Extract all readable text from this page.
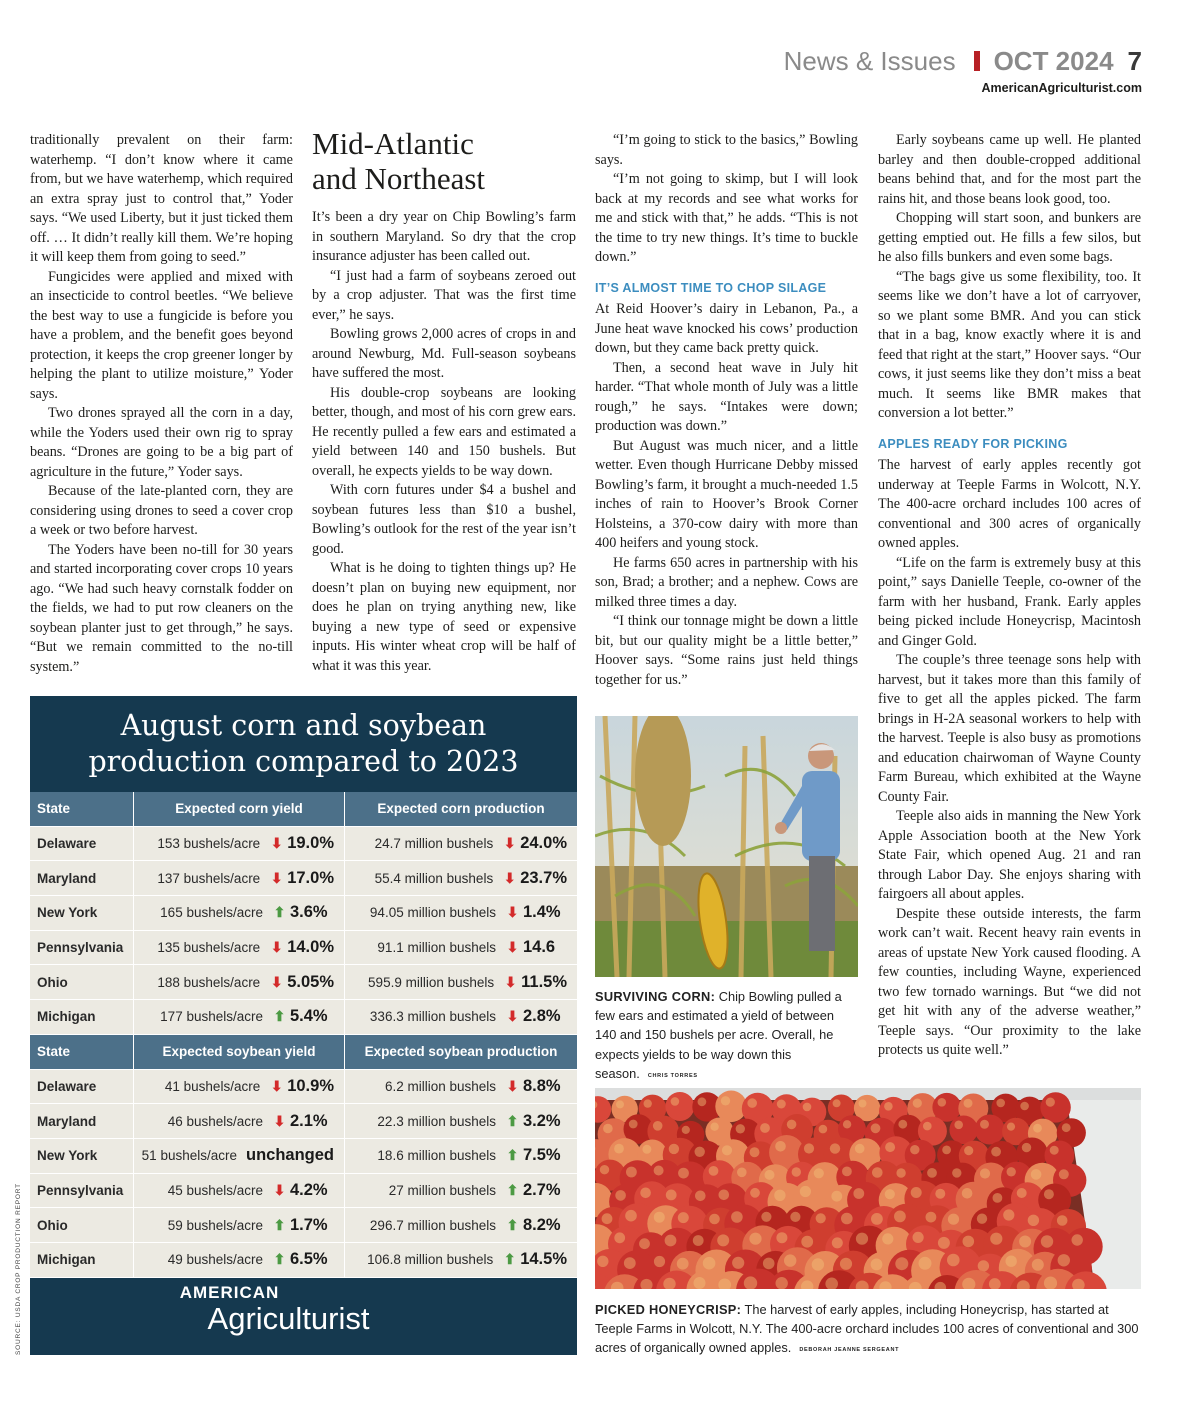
News & Issues OCT 2024 7
AmericanAgriculturist.com

traditionally prevalent on their farm: waterhemp. “I don’t know where it came from, but we have waterhemp, which required an extra spray just to control that,” Yoder says. “We used Liberty, but it just ticked them off. … It didn’t really kill them. We’re hoping it will keep them from going to seed.”

Fungicides were applied and mixed with an insecticide to control beetles. “We believe the best way to use a fungicide is before you have a problem, and the benefit goes beyond protection, it keeps the crop greener longer by helping the plant to utilize moisture,” Yoder says.

Two drones sprayed all the corn in a day, while the Yoders used their own rig to spray beans. “Drones are going to be a big part of agriculture in the future,” Yoder says.

Because of the late-planted corn, they are considering using drones to seed a cover crop a week or two before harvest.

The Yoders have been no-till for 30 years and started incorporating cover crops 10 years ago. “We had such heavy cornstalk fodder on the fields, we had to put row cleaners on the soybean planter just to get through,” he says. “But we remain committed to the no-till system.”

Mid-Atlantic
and Northeast

It’s been a dry year on Chip Bowling’s farm in southern Maryland. So dry that the crop insurance adjuster has been called out.

“I just had a farm of soybeans zeroed out by a crop adjuster. That was the first time ever,” he says.

Bowling grows 2,000 acres of crops in and around Newburg, Md. Full-season soybeans have suffered the most.

His double-crop soybeans are looking better, though, and most of his corn grew ears. He recently pulled a few ears and estimated a yield between 140 and 150 bushels. But overall, he expects yields to be way down.

With corn futures under $4 a bushel and soybean futures less than $10 a bushel, Bowling’s outlook for the rest of the year isn’t good.

What is he doing to tighten things up? He doesn’t plan on buying new equipment, nor does he plan on trying anything new, like buying a new type of seed or expensive inputs. His winter wheat crop will be half of what it was this year.

“I’m going to stick to the basics,” Bowling says.

“I’m not going to skimp, but I will look back at my records and see what works for me and stick with that,” he adds. “This is not the time to try new things. It’s time to buckle down.”

IT’S ALMOST TIME TO CHOP SILAGE

At Reid Hoover’s dairy in Lebanon, Pa., a June heat wave knocked his cows’ production down, but they came back pretty quick.

Then, a second heat wave in July hit harder. “That whole month of July was a little rough,” he says. “Intakes were down; production was down.”

But August was much nicer, and a little wetter. Even though Hurricane Debby missed Bowling’s farm, it brought a much-needed 1.5 inches of rain to Hoover’s Brook Corner Holsteins, a 370-cow dairy with more than 400 heifers and young stock.

He farms 650 acres in partnership with his son, Brad; a brother; and a nephew. Cows are milked three times a day.

“I think our tonnage might be down a little bit, but our quality might be a little better,” Hoover says. “Some rains just held things together for us.”

Early soybeans came up well. He planted barley and then double-cropped additional beans behind that, and for the most part the rains hit, and those beans look good, too.

Chopping will start soon, and bunkers are getting emptied out. He fills a few silos, but he also fills bunkers and even some bags.

“The bags give us some flexibility, too. It seems like we don’t have a lot of carryover, so we plant some BMR. And you can stick that in a bag, know exactly where it is and feed that right at the start,” Hoover says. “Our cows, it just seems like they don’t miss a beat much. It seems like BMR makes that conversion a lot better.”

APPLES READY FOR PICKING

The harvest of early apples recently got underway at Teeple Farms in Wolcott, N.Y. The 400-acre orchard includes 100 acres of conventional and 300 acres of organically owned apples.

“Life on the farm is extremely busy at this point,” says Danielle Teeple, co-owner of the farm with her husband, Frank. Early apples being picked include Honeycrisp, Macintosh and Ginger Gold.

The couple’s three teenage sons help with harvest, but it takes more than this family of five to get all the apples picked. The farm brings in H-2A seasonal workers to help with the harvest. Teeple is also busy as promotions and education chairwoman of Wayne County Farm Bureau, which exhibited at the Wayne County Fair.

Teeple also aids in manning the New York Apple Association booth at the New York State Fair, which opened Aug. 21 and ran through Labor Day. She enjoys sharing with fairgoers all about apples.

Despite these outside interests, the farm work can’t wait. Recent heavy rain events in areas of upstate New York caused flooding. A few counties, including Wayne, experienced two few tornado warnings. But “we did not get hit with any of the adverse weather,” Teeple says. “Our proximity to the lake protects us quite well.”

August corn and soybean
production compared to 2023
State	Expected corn yield	Expected corn production
Delaware	153 bushels/acre ⬇ 19.0%	24.7 million bushels ⬇ 24.0%
Maryland	137 bushels/acre ⬇ 17.0%	55.4 million bushels ⬇ 23.7%
New York	165 bushels/acre ⬆ 3.6%	94.05 million bushels ⬇ 1.4%
Pennsylvania	135 bushels/acre ⬇ 14.0%	91.1 million bushels ⬇ 14.6
Ohio	188 bushels/acre ⬇ 5.05%	595.9 million bushels ⬇ 11.5%
Michigan	177 bushels/acre ⬆ 5.4%	336.3 million bushels ⬇ 2.8%
State	Expected soybean yield	Expected soybean production
Delaware	41 bushels/acre ⬇ 10.9%	6.2 million bushels ⬇ 8.8%
Maryland	46 bushels/acre ⬇ 2.1%	22.3 million bushels ⬆ 3.2%
New York	51 bushels/acre unchanged	18.6 million bushels ⬆ 7.5%
Pennsylvania	45 bushels/acre ⬇ 4.2%	27 million bushels ⬆ 2.7%
Ohio	59 bushels/acre ⬆ 1.7%	296.7 million bushels ⬆ 8.2%
Michigan	49 bushels/acre ⬆ 6.5%	106.8 million bushels ⬆ 14.5%
AMERICAN
Agriculturist
SOURCE: USDA CROP PRODUCTION REPORT
SURVIVING CORN: Chip Bowling pulled a few ears and estimated a yield of between 140 and 150 bushels per acre. Overall, he expects yields to be way down this season. CHRIS TORRES
PICKED HONEYCRISP: The harvest of early apples, including Honeycrisp, has started at Teeple Farms in Wolcott, N.Y. The 400-acre orchard includes 100 acres of conventional and 300 acres of organically owned apples. DEBORAH JEANNE SERGEANT
